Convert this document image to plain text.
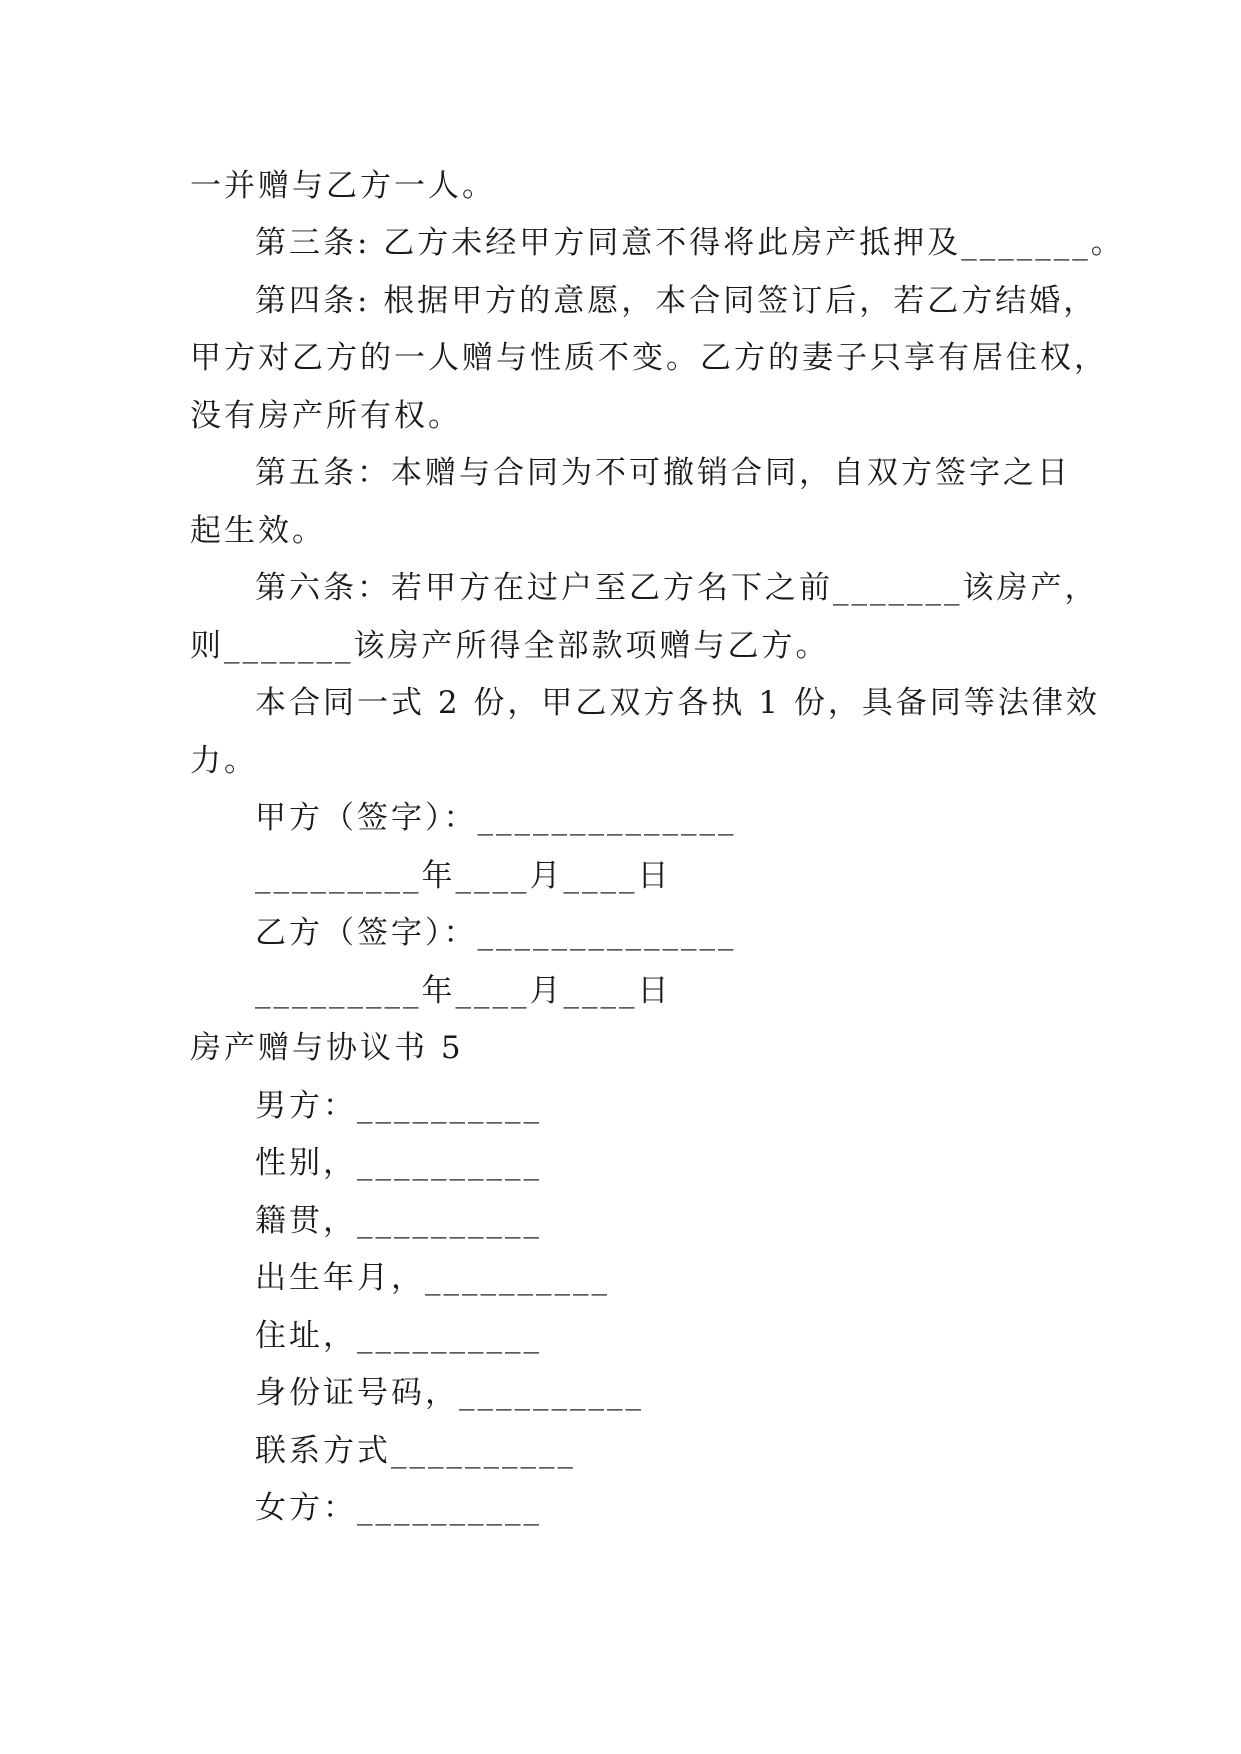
一并赠与乙方一人。
第三条: 乙方未经甲方同意不得将此房产抵押及_______。
第四条: 根据甲方的意愿，本合同签订后，若乙方结婚，
甲方对乙方的一人赠与性质不变。乙方的妻子只享有居住权，
没有房产所有权。
第五条：本赠与合同为不可撤销合同，自双方签字之日
起生效。
第六条：若甲方在过户至乙方名下之前_______该房产，
则_______该房产所得全部款项赠与乙方。
本合同一式 2 份，甲乙双方各执 1 份，具备同等法律效
力。
甲方（签字）：______________
_________年____月____日
乙方（签字）：______________
_________年____月____日
房产赠与协议书 5
男方：__________
性别，__________
籍贯，__________
出生年月，__________
住址，__________
身份证号码，__________
联系方式__________
女方：__________
